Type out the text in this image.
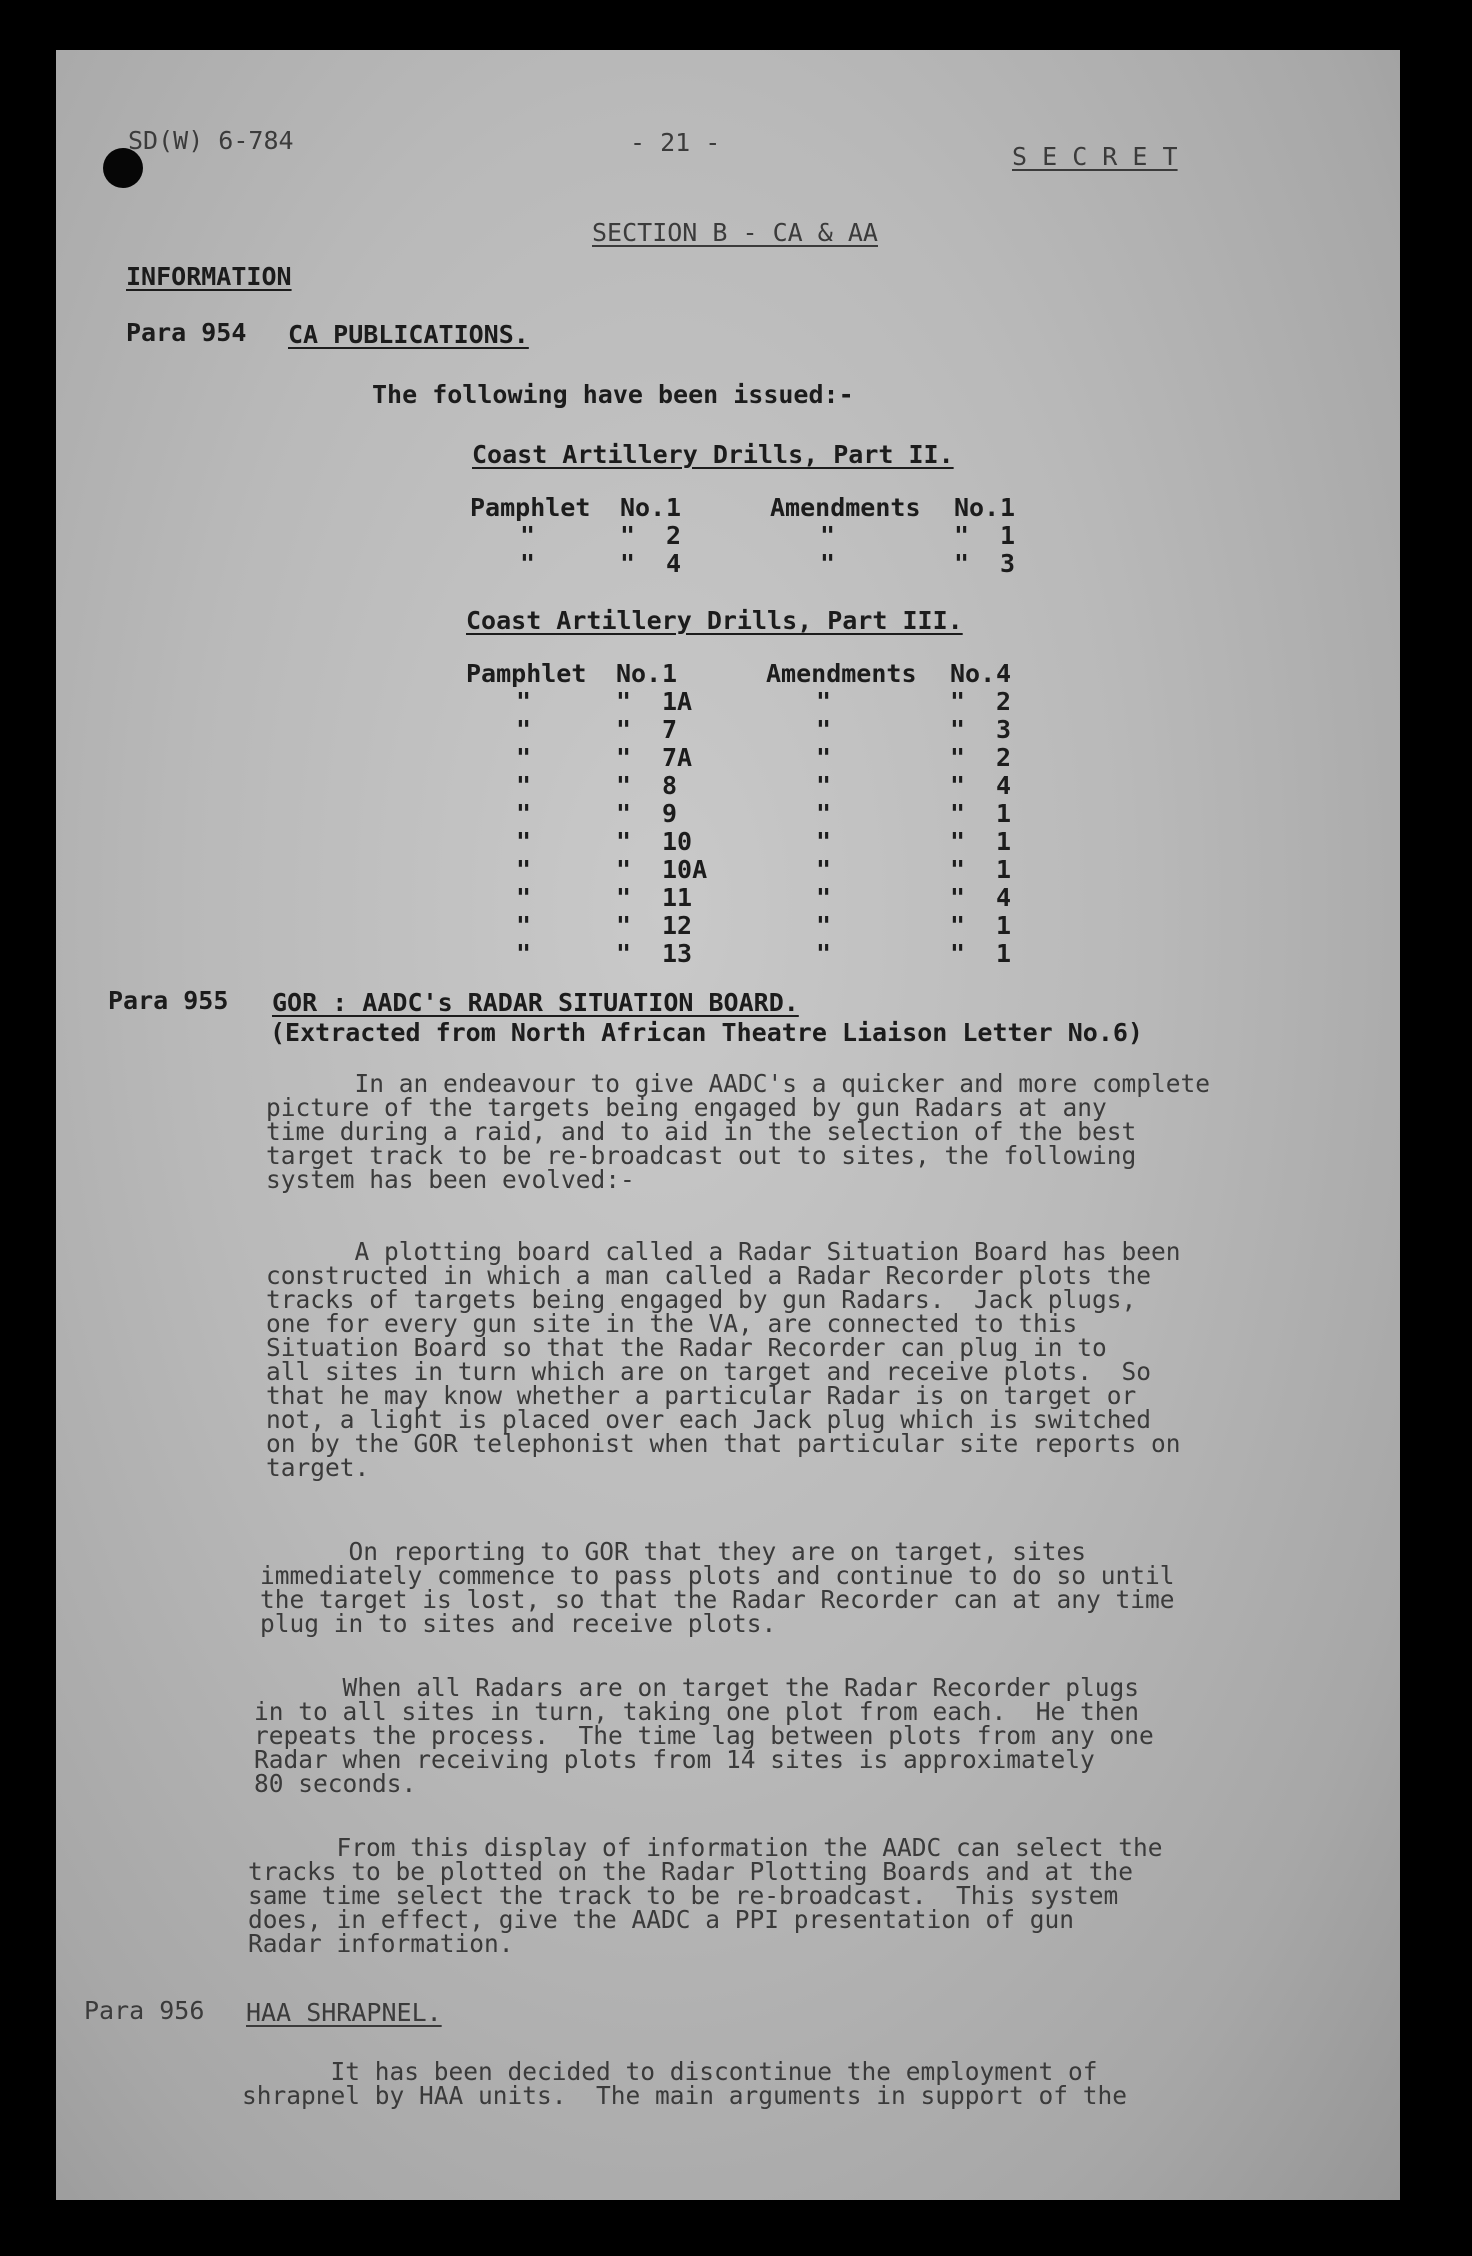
SD(W) 6-784	- 21 -	S E C R E T
SECTION B - CA & AA
INFORMATION
Para 954 CA PUBLICATIONS.
The following have been issued:-
Coast Artillery Drills, Part II.
Pamphlet No. 1	Amendments No. 1
"	" 2	"	" 1
"	" 4	"	" 3
Coast Artillery Drills, Part III.
Pamphlet No. 1	Amendments No. 4
"	" 1A	"	" 2
"	" 7	"	" 3
"	" 7A	"	" 2
"	" 8	"	" 4
"	" 9	"	" 1
"	" 10	"	" 1
"	" 10A	"	" 1
"	" 11	"	" 4
"	" 12	"	" 1
"	" 13	"	" 1
Para 955 GOR : AADC's RADAR SITUATION BOARD.
(Extracted from North African Theatre Liaison Letter No.6)
In an endeavour to give AADC's a quicker and more complete
picture of the targets being engaged by gun Radars at any
time during a raid, and to aid in the selection of the best
target track to be re-broadcast out to sites, the following
system has been evolved:-
A plotting board called a Radar Situation Board has been
constructed in which a man called a Radar Recorder plots the
tracks of targets being engaged by gun Radars.  Jack plugs,
one for every gun site in the VA, are connected to this
Situation Board so that the Radar Recorder can plug in to
all sites in turn which are on target and receive plots.  So
that he may know whether a particular Radar is on target or
not, a light is placed over each Jack plug which is switched
on by the GOR telephonist when that particular site reports on
target.
On reporting to GOR that they are on target, sites
immediately commence to pass plots and continue to do so until
the target is lost, so that the Radar Recorder can at any time
plug in to sites and receive plots.
When all Radars are on target the Radar Recorder plugs
in to all sites in turn, taking one plot from each.  He then
repeats the process.  The time lag between plots from any one
Radar when receiving plots from 14 sites is approximately
80 seconds.
From this display of information the AADC can select the
tracks to be plotted on the Radar Plotting Boards and at the
same time select the track to be re-broadcast.  This system
does, in effect, give the AADC a PPI presentation of gun
Radar information.
Para 956 HAA SHRAPNEL.
It has been decided to discontinue the employment of
shrapnel by HAA units.  The main arguments in support of the
